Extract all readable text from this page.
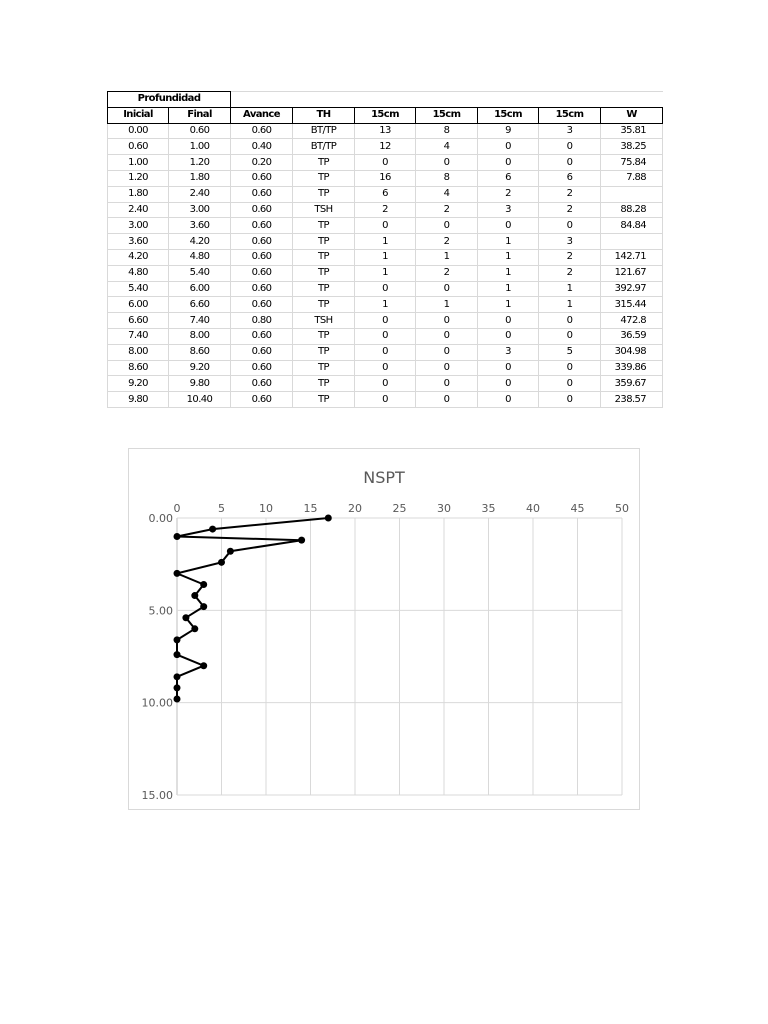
Profundidad								
Inicial	Final	Avance	TH	15cm	15cm	15cm	15cm	W
0.00	0.60	0.60	BT/TP	13	8	9	3	35.81
0.60	1.00	0.40	BT/TP	12	4	0	0	38.25
1.00	1.20	0.20	TP	0	0	0	0	75.84
1.20	1.80	0.60	TP	16	8	6	6	7.88
1.80	2.40	0.60	TP	6	4	2	2	
2.40	3.00	0.60	TSH	2	2	3	2	88.28
3.00	3.60	0.60	TP	0	0	0	0	84.84
3.60	4.20	0.60	TP	1	2	1	3	
4.20	4.80	0.60	TP	1	1	1	2	142.71
4.80	5.40	0.60	TP	1	2	1	2	121.67
5.40	6.00	0.60	TP	0	0	1	1	392.97
6.00	6.60	0.60	TP	1	1	1	1	315.44
6.60	7.40	0.80	TSH	0	0	0	0	472.8
7.40	8.00	0.60	TP	0	0	0	0	36.59
8.00	8.60	0.60	TP	0	0	3	5	304.98
8.60	9.20	0.60	TP	0	0	0	0	339.86
9.20	9.80	0.60	TP	0	0	0	0	359.67
9.80	10.40	0.60	TP	0	0	0	0	238.57
NSPT
0	5	10	15	20	25	30	35	40	45	50
0.00
5.00
10.00
15.00
